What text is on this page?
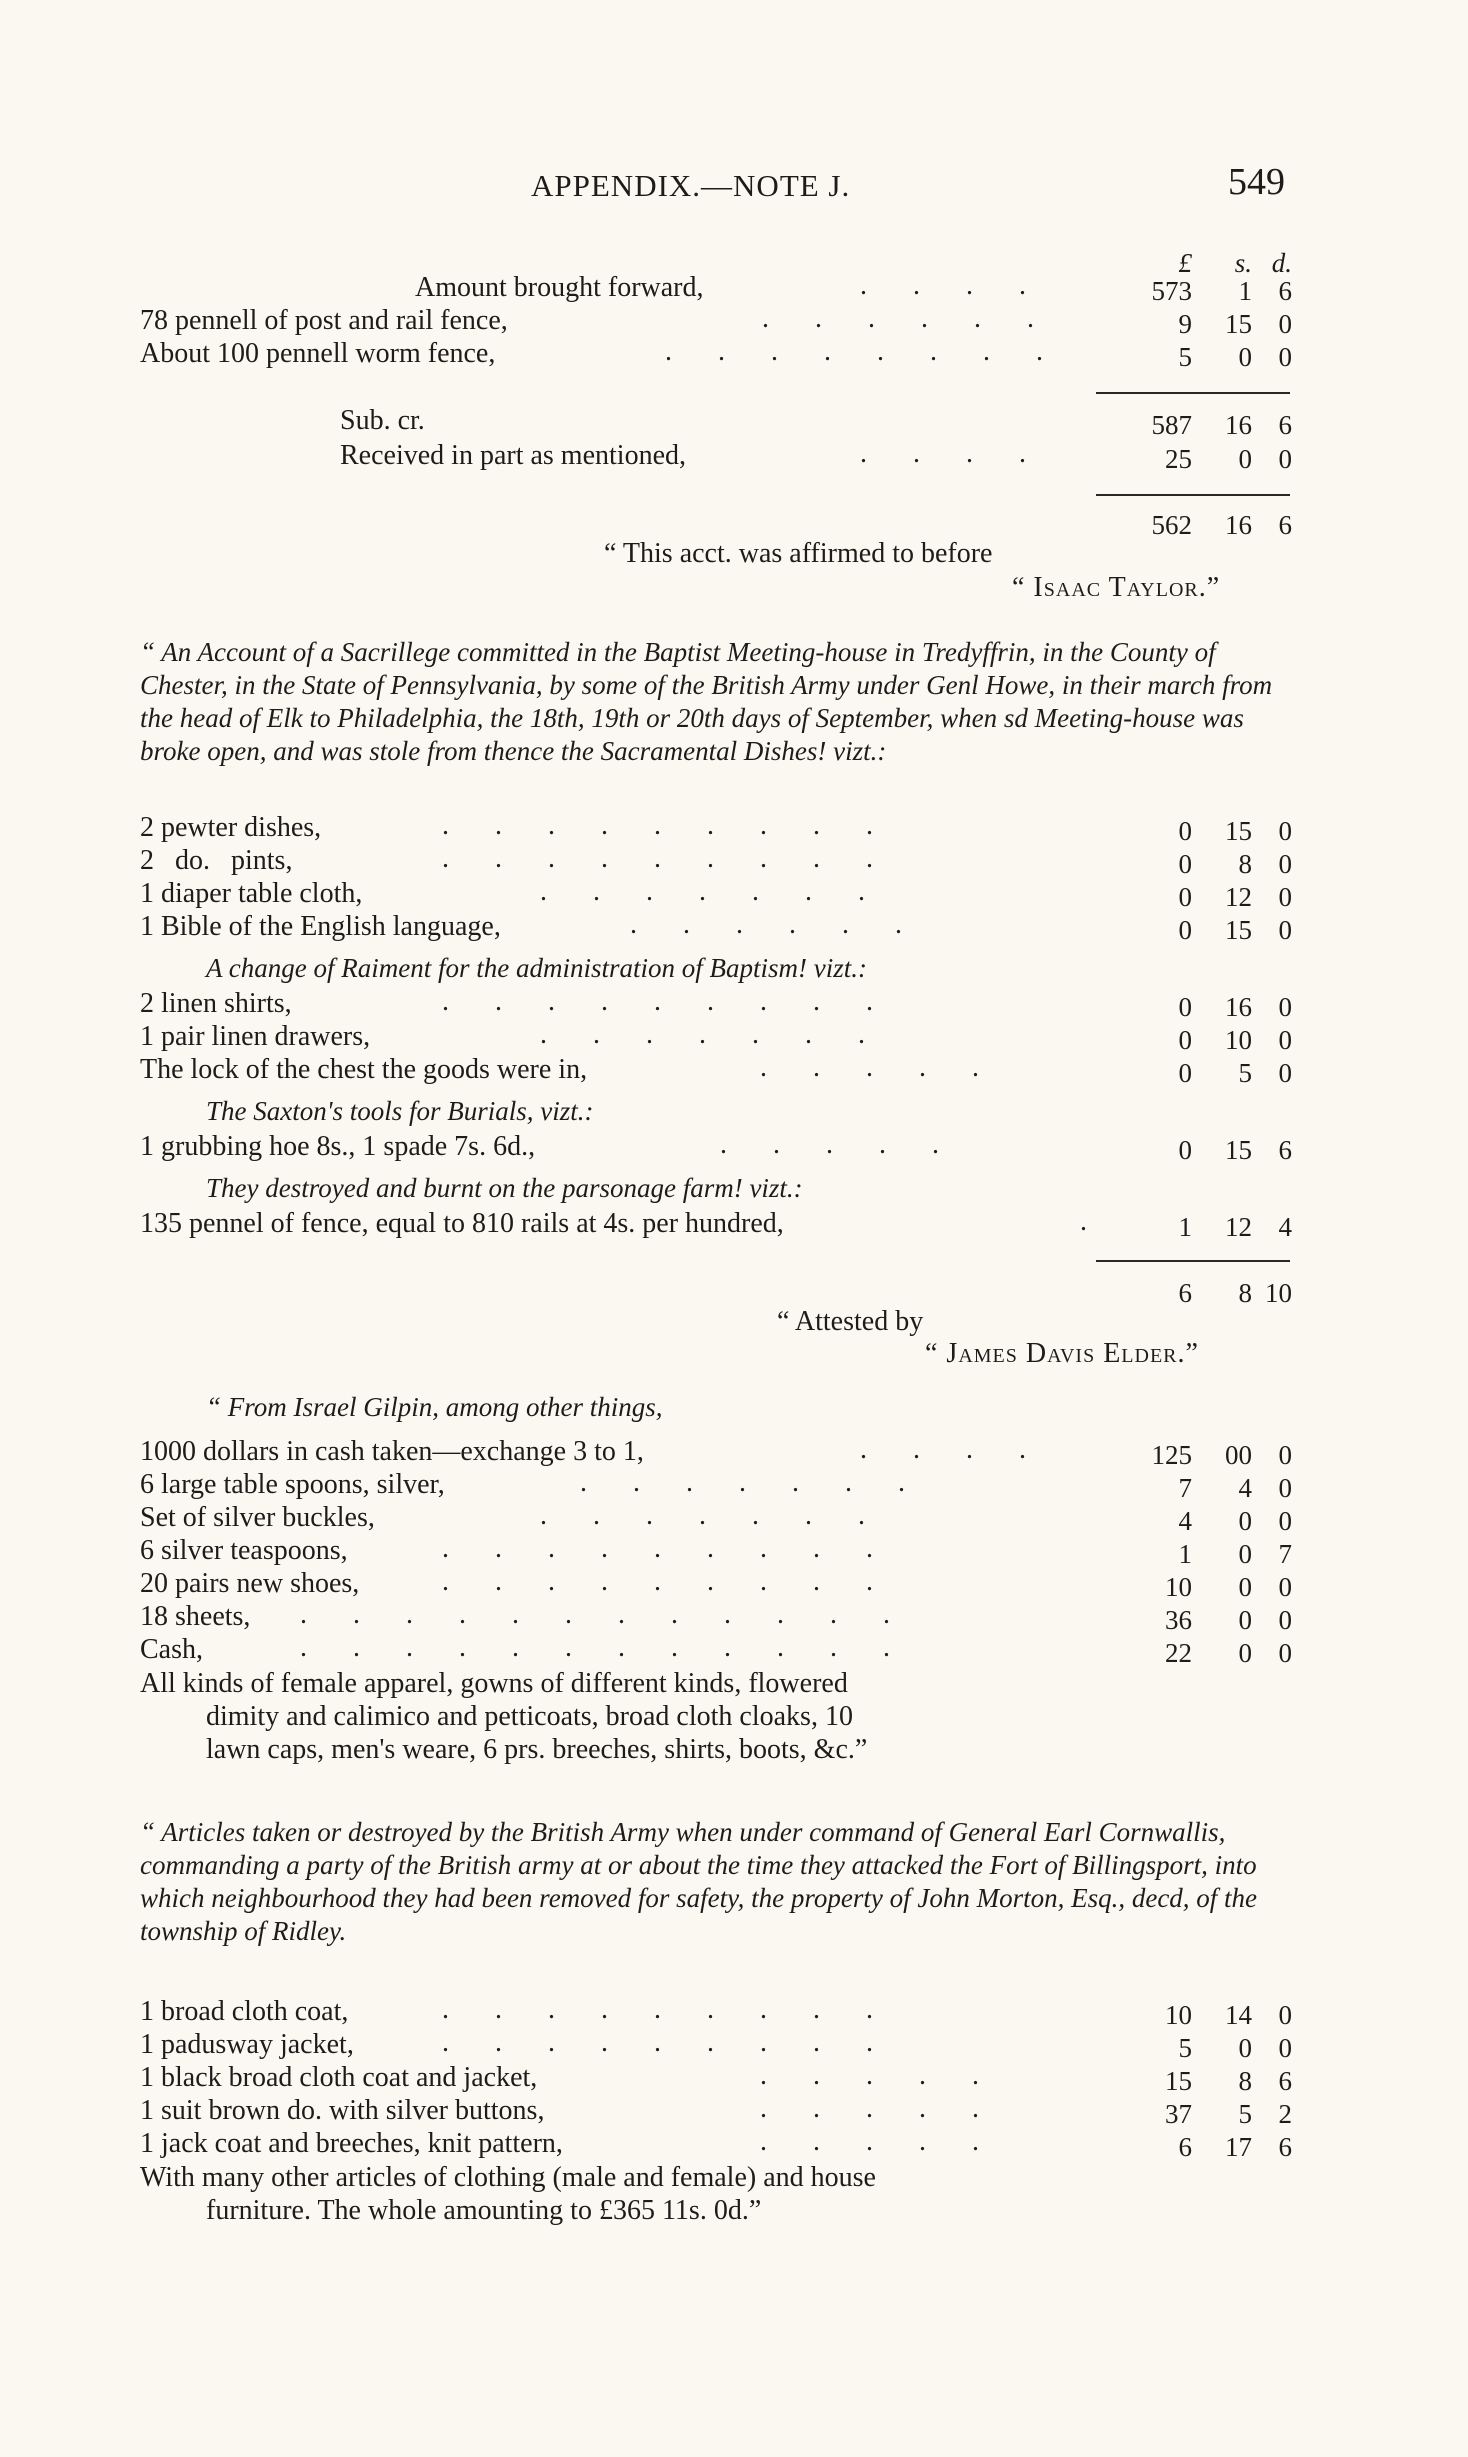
APPENDIX.—NOTE J.	549
£	s. d.
Amount brought forward,	....	573	1 6
78 pennell of post and rail fence,	......	9	15 0
About 100 pennell worm fence,	........	5	0 0
Sub. cr.	587	16 6
Received in part as mentioned,	....	25	0 0
562	16 6
“ This acct. was affirmed to before
“ Isaac Taylor.”
“ An Account of a Sacrillege committed in the Baptist Meeting-house in Tredyffrin, in the County of Chester, in the State of Pennsylvania, by some of the British Army under Genl Howe, in their march from the head of Elk to Philadelphia, the 18th, 19th or 20th days of September, when sd Meeting-house was broke open, and was stole from thence the Sacramental Dishes! vizt.:
2 pewter dishes,	.........	0	15 0
2   do.   pints,	.........	0	8 0
1 diaper table cloth,	.......	0	12 0
1 Bible of the English language,	......	0	15 0
A change of Raiment for the administration of Baptism! vizt.:
2 linen shirts,	.........	0	16 0
1 pair linen drawers,	.......	0	10 0
The lock of the chest the goods were in,	.....	0	5 0
The Saxton's tools for Burials, vizt.:
1 grubbing hoe 8s., 1 spade 7s. 6d.,	.....	0	15 6
They destroyed and burnt on the parsonage farm! vizt.:
135 pennel of fence, equal to 810 rails at 4s. per hundred,	.	1	12 4
6	8 10
“ Attested by
“ James Davis Elder.”
“ From Israel Gilpin, among other things,
1000 dollars in cash taken—exchange 3 to 1,	....	125	00 0
6 large table spoons, silver,	.......	7	4 0
Set of silver buckles,	.......	4	0 0
6 silver teaspoons,	.........	1	0 7
20 pairs new shoes,	.........	10	0 0
18 sheets, ............	36	0 0
Cash,	............	22	0 0
All kinds of female apparel, gowns of different kinds, flowered
dimity and calimico and petticoats, broad cloth cloaks, 10
lawn caps, men's weare, 6 prs. breeches, shirts, boots, &c.”
“ Articles taken or destroyed by the British Army when under command of General Earl Cornwallis, commanding a party of the British army at or about the time they attacked the Fort of Billingsport, into which neighbourhood they had been removed for safety, the property of John Morton, Esq., decd, of the township of Ridley.
1 broad cloth coat,	.........	10	14 0
1 padusway jacket,	.........	5	0 0
1 black broad cloth coat and jacket,	.....	15	8 6
1 suit brown do. with silver buttons,	.....	37	5 2
1 jack coat and breeches, knit pattern,	.....	6	17 6
With many other articles of clothing (male and female) and house
furniture. The whole amounting to £365 11s. 0d.”
